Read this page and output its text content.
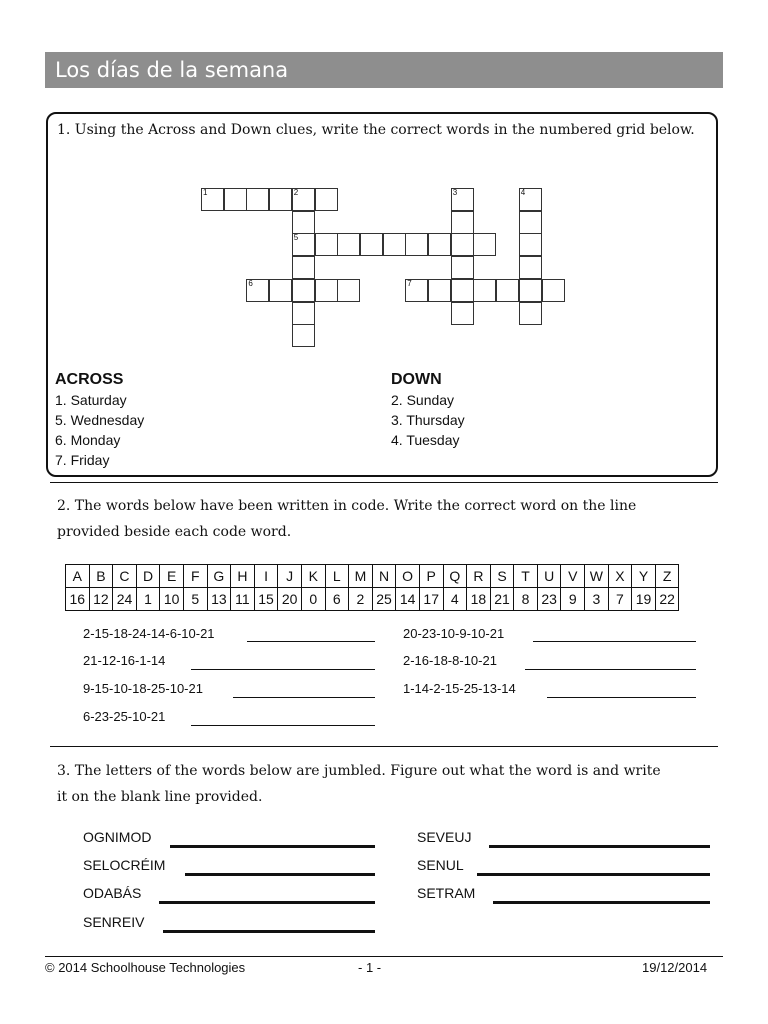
Los días de la semana
1. Using the Across and Down clues, write the correct words in the numbered grid below.
1	2
5
6	7
3	4
ACROSS
1. Saturday
5. Wednesday
6. Monday
7. Friday
DOWN
2. Sunday
3. Thursday
4. Tuesday
2. The words below have been written in code. Write the correct word on the line
provided beside each code word.
A	B	C	D	E	F	G	H	I	J	K	L	M	N	O	P	Q	R	S	T	U	V	W	X	Y	Z
16	12	24	1	10	5	13	11	15	20	0	6	2	25	14	17	4	18	21	8	23	9	3	7	19	22
2-15-18-24-14-6-10-21
21-12-16-1-14
9-15-10-18-25-10-21
6-23-25-10-21
20-23-10-9-10-21
2-16-18-8-10-21
1-14-2-15-25-13-14
3. The letters of the words below are jumbled. Figure out what the word is and write
it on the blank line provided.
OGNIMOD
SELOCRÉIM
ODABÁS
SENREIV
SEVEUJ
SENUL
SETRAM
© 2014 Schoolhouse Technologies	- 1 -	19/12/2014
